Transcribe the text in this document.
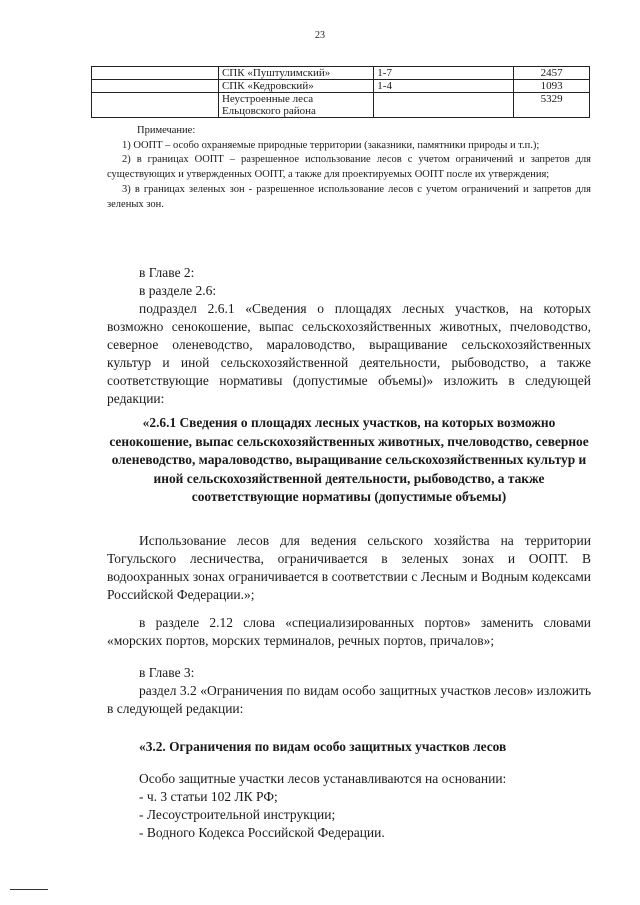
23
	СПК «Пуштулимский»	1-7	2457
	СПК «Кедровский»	1-4	1093
	Неустроенные леса Ельцовского района		5329

Примечание:

1) ООПТ – особо охраняемые природные территории (заказники, памятники природы и т.п.);

2) в границах ООПТ – разрешенное использование лесов с учетом ограничений и запретов для существующих и утвержденных ООПТ, а также для проектируемых ООПТ после их утверждения;

3) в границах зеленых зон - разрешенное использование лесов с учетом ограничений и запретов для зеленых зон.

в Главе 2:

в разделе 2.6:

подраздел 2.6.1 «Сведения о площадях лесных участков, на которых возможно сенокошение, выпас сельскохозяйственных животных, пчеловодство, северное оленеводство, мараловодство, выращивание сельскохозяйственных культур и иной сельскохозяйственной деятельности, рыбоводство, а также соответствующие нормативы (допустимые объемы)» изложить в следующей редакции:

«2.6.1 Сведения о площадях лесных участков, на которых возможно сенокошение, выпас сельскохозяйственных животных, пчеловодство, северное оленеводство, мараловодство, выращивание сельскохозяйственных культур и иной сельскохозяйственной деятельности, рыбоводство, а также соответствующие нормативы (допустимые объемы)

Использование лесов для ведения сельского хозяйства на территории Тогульского лесничества, ограничивается в зеленых зонах и ООПТ. В водоохранных зонах ограничивается в соответствии с Лесным и Водным кодексами Российской Федерации.»;

в разделе 2.12 слова «специализированных портов» заменить словами «морских портов, морских терминалов, речных портов, причалов»;

в Главе 3:

раздел 3.2 «Ограничения по видам особо защитных участков лесов» изложить в следующей редакции:

«3.2. Ограничения по видам особо защитных участков лесов

Особо защитные участки лесов устанавливаются на основании:

- ч. 3 статьи 102 ЛК РФ;

- Лесоустроительной инструкции;

- Водного Кодекса Российской Федерации.
